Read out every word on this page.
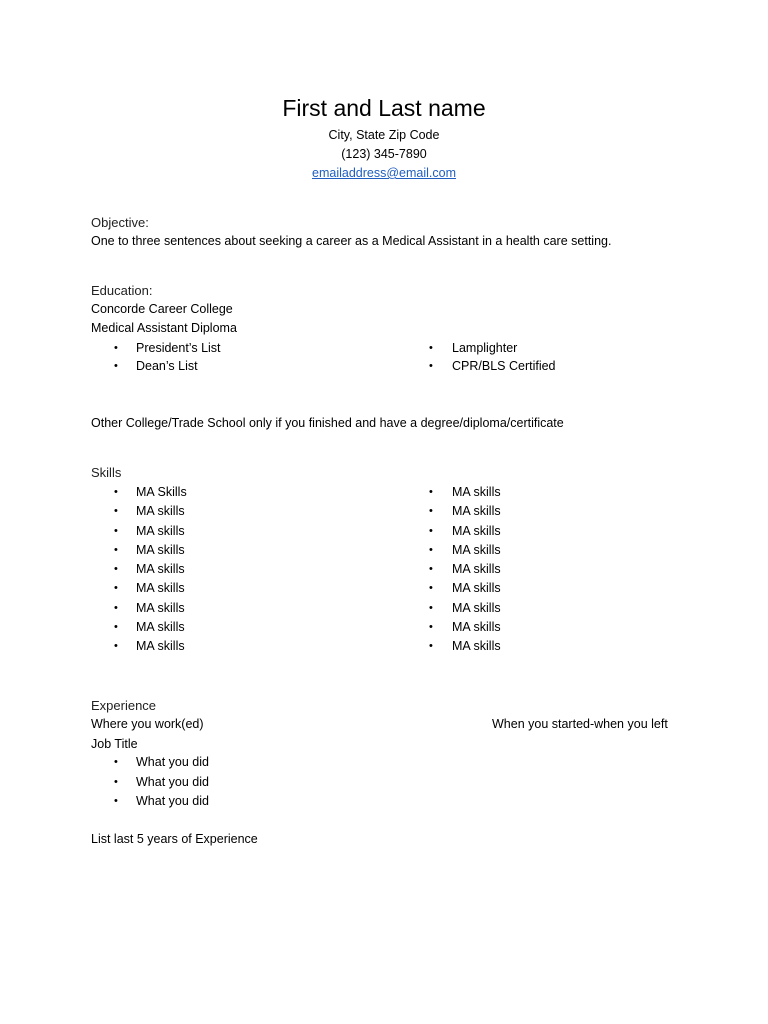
First and Last name
City, State Zip Code
(123) 345-7890
emailaddress@email.com
Objective:
One to three sentences about seeking a career as a Medical Assistant in a health care setting.
Education:
Concorde Career College
Medical Assistant Diploma
• President’s List
• Dean’s List
• Lamplighter
• CPR/BLS Certified
Other College/Trade School only if you finished and have a degree/diploma/certificate
Skills
• MA Skills
• MA skills
• MA skills
• MA skills
• MA skills
• MA skills
• MA skills
• MA skills
• MA skills
• MA skills
• MA skills
• MA skills
• MA skills
• MA skills
• MA skills
• MA skills
• MA skills
• MA skills
Experience
Where you work(ed)	When you started-when you left
Job Title
• What you did
• What you did
• What you did
List last 5 years of Experience
